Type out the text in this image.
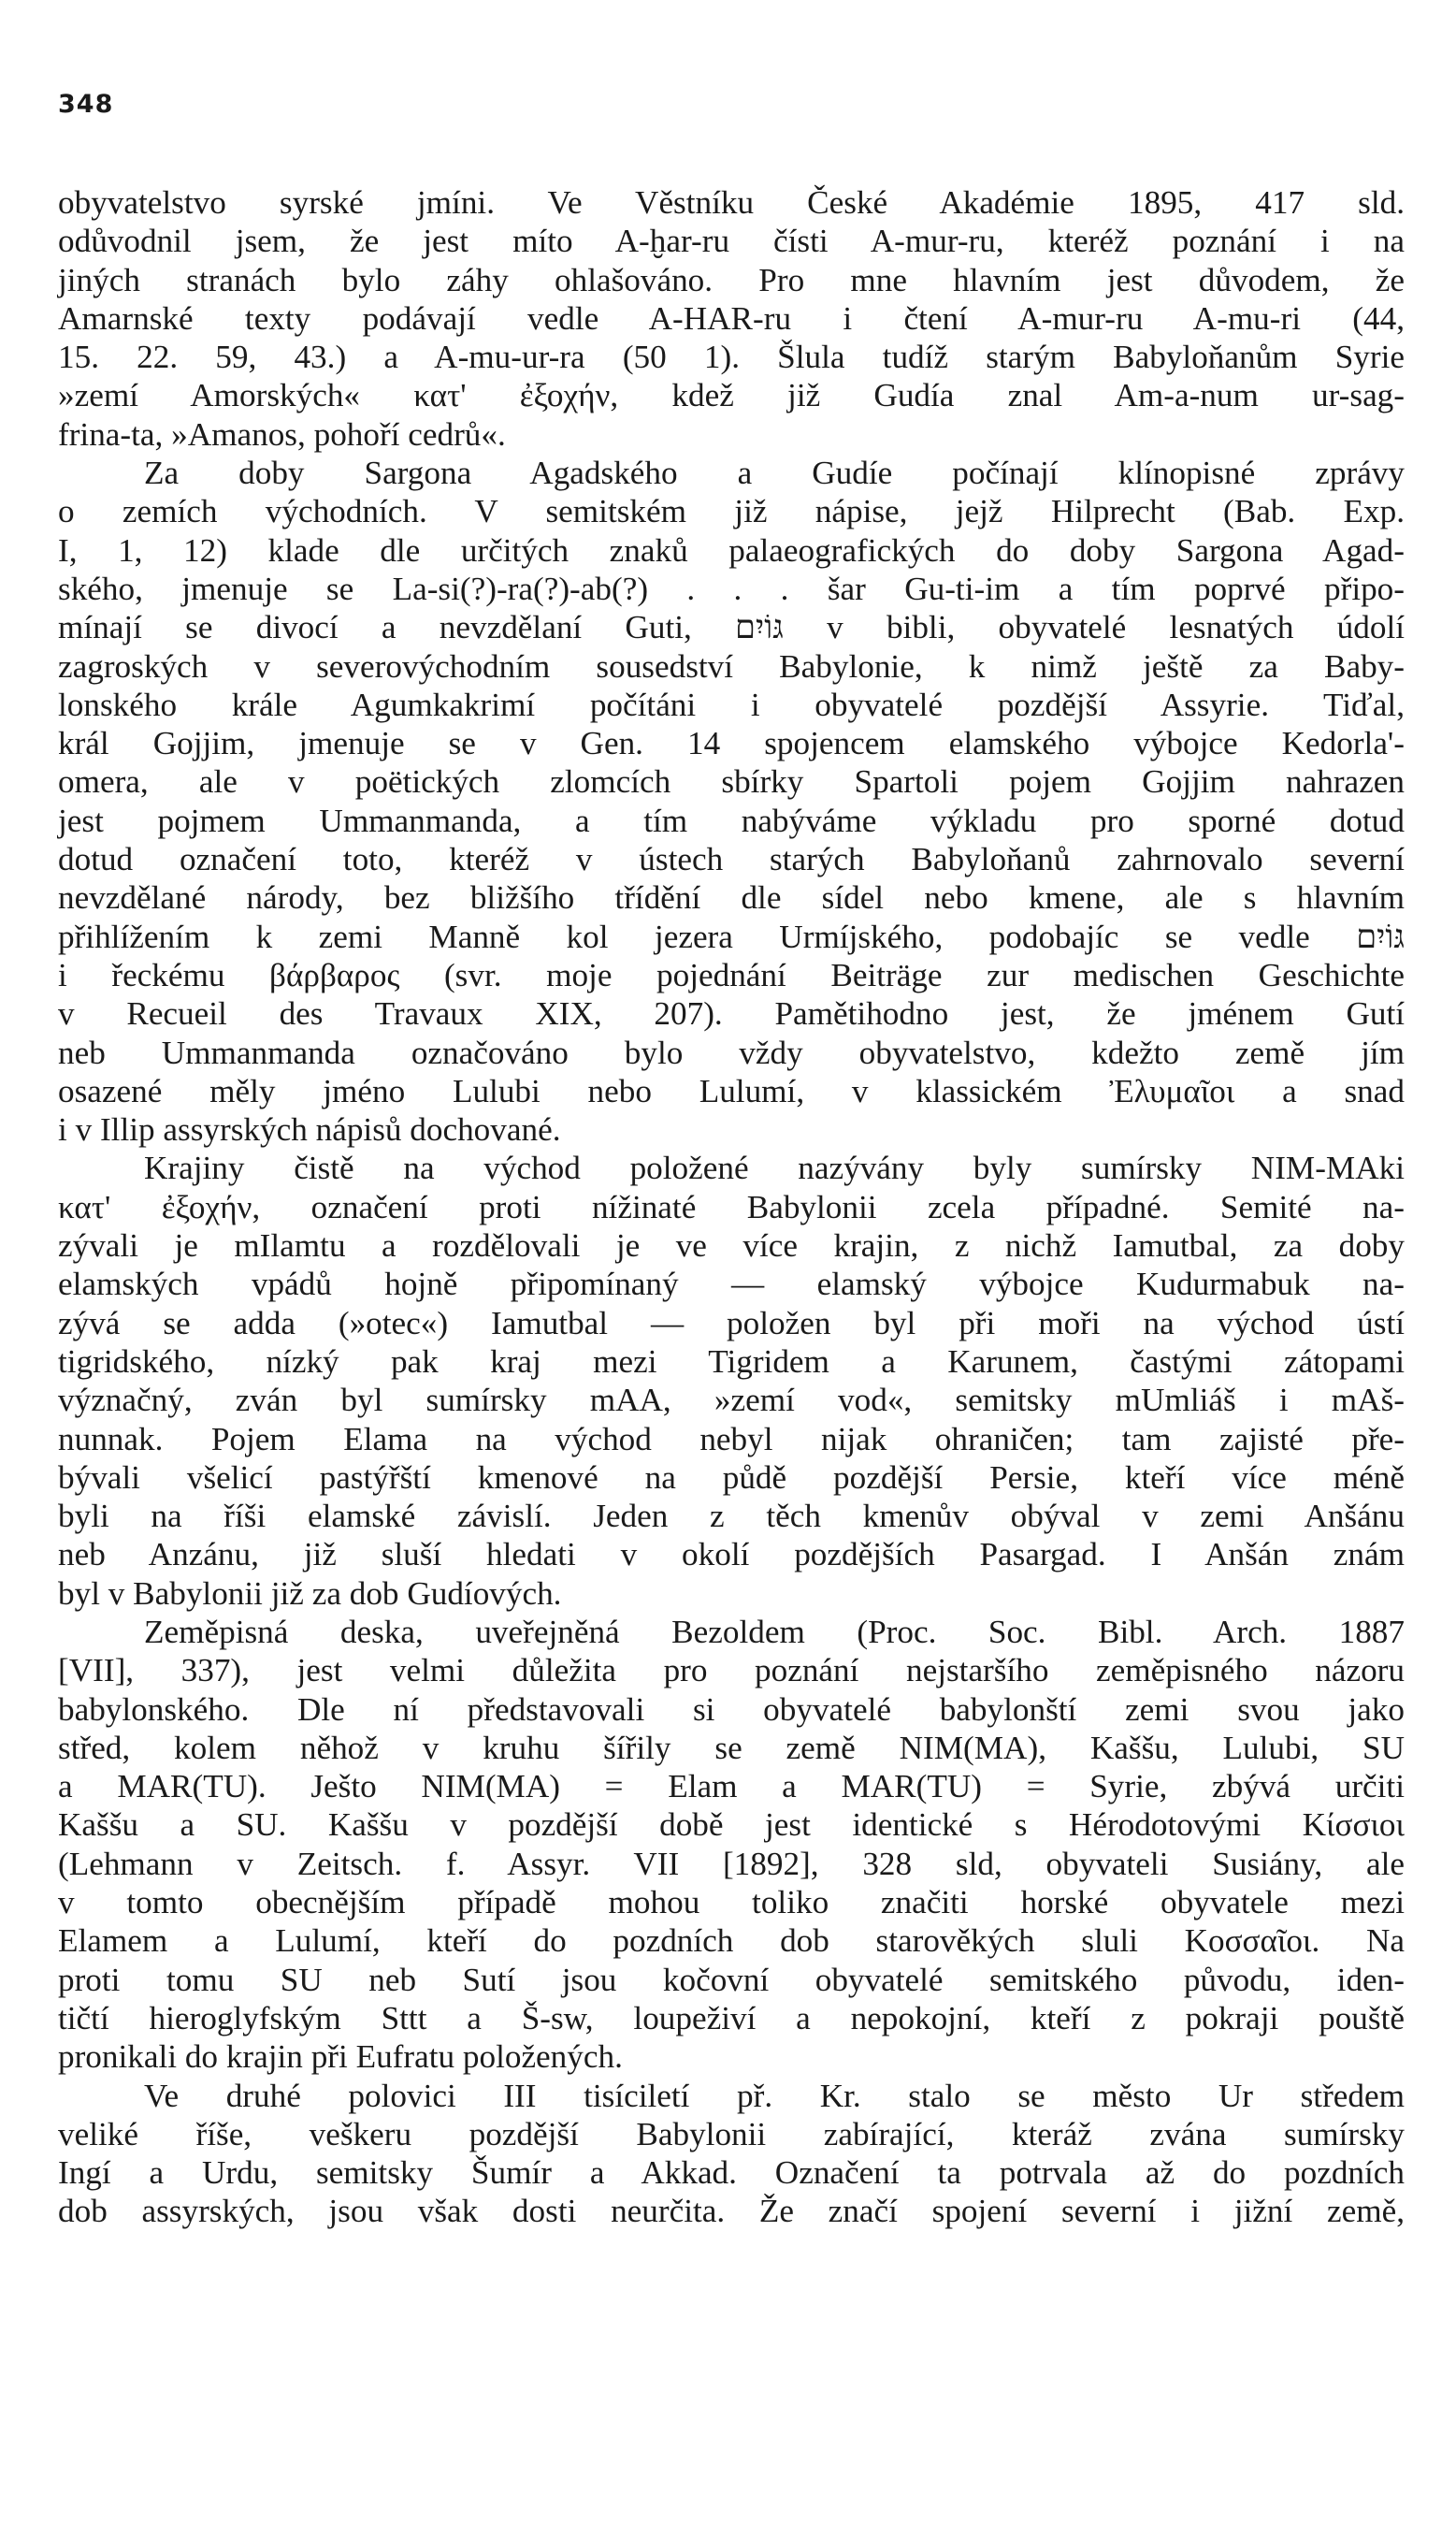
348
obyvatelstvo syrské jmíni. Ve Věstníku České Akadémie 1895, 417 sld.
odůvodnil jsem, že jest míto A-ḫar-ru čísti A-mur-ru, kteréž poznání i na
jiných stranách bylo záhy ohlašováno. Pro mne hlavním jest důvodem, že
Amarnské texty podávají vedle A-HAR-ru i čtení A-mur-ru A-mu-ri (44,
15. 22. 59, 43.) a A-mu-ur-ra (50 1). Šlula tudíž starým Babyloňanům Syrie
»zemí Amorských« κατ' ἐξοχήν, kdež již Gudía znal Am-a-num ur-sag-
frina-ta, »Amanos, pohoří cedrů«.
Za doby Sargona Agadského a Gudíe počínají klínopisné zprávy
o zemích východních. V semitském již nápise, jejž Hilprecht (Bab. Exp.
I, 1, 12) klade dle určitých znaků palaeografických do doby Sargona Agad-
ského, jmenuje se La-si(?)-ra(?)-ab(?) . . . šar Gu-ti-im a tím poprvé připo-
mínají se divocí a nevzdělaní Guti, גּוֹיִם v bibli, obyvatelé lesnatých údolí
zagroských v severovýchodním sousedství Babylonie, k nimž ještě za Baby-
lonského krále Agumkakrimí počítáni i obyvatelé pozdější Assyrie. Tiďal,
král Gojjim, jmenuje se v Gen. 14 spojencem elamského výbojce Kedorla'-
omera, ale v poëtických zlomcích sbírky Spartoli pojem Gojjim nahrazen
jest pojmem Ummanmanda, a tím nabýváme výkladu pro sporné dotud
dotud označení toto, kteréž v ústech starých Babyloňanů zahrnovalo severní
nevzdělané národy, bez bližšího třídění dle sídel nebo kmene, ale s hlavním
přihlížením k zemi Manně kol jezera Urmíjského, podobajíc se vedle גּוֹיִם
i řeckému βάρβαρος (svr. moje pojednání Beiträge zur medischen Geschichte
v Recueil des Travaux XIX, 207). Pamětihodno jest, že jménem Gutí
neb Ummanmanda označováno bylo vždy obyvatelstvo, kdežto země jím
osazené měly jméno Lulubi nebo Lulumí, v klassickém Ἐλυμαῖοι a snad
i v Illip assyrských nápisů dochované.
Krajiny čistě na východ položené nazývány byly sumírsky NIM-MAki
κατ' ἐξοχήν, označení proti nížinaté Babylonii zcela případné. Semité na-
zývali je mIlamtu a rozdělovali je ve více krajin, z nichž Iamutbal, za doby
elamských vpádů hojně připomínaný — elamský výbojce Kudurmabuk na-
zývá se adda (»otec«) Iamutbal — položen byl při moři na východ ústí
tigridského, nízký pak kraj mezi Tigridem a Karunem, častými zátopami
význačný, zván byl sumírsky mAA, »zemí vod«, semitsky mUmliáš i mAš-
nunnak. Pojem Elama na východ nebyl nijak ohraničen; tam zajisté pře-
bývali všelicí pastýřští kmenové na půdě pozdější Persie, kteří více méně
byli na říši elamské závislí. Jeden z těch kmenův obýval v zemi Anšánu
neb Anzánu, již sluší hledati v okolí pozdějších Pasargad. I Anšán znám
byl v Babylonii již za dob Gudíových.
Zeměpisná deska, uveřejněná Bezoldem (Proc. Soc. Bibl. Arch. 1887
[VII], 337), jest velmi důležita pro poznání nejstaršího zeměpisného názoru
babylonského. Dle ní představovali si obyvatelé babylonští zemi svou jako
střed, kolem něhož v kruhu šířily se země NIM(MA), Kaššu, Lulubi, SU
a MAR(TU). Ješto NIM(MA) = Elam a MAR(TU) = Syrie, zbývá určiti
Kaššu a SU. Kaššu v pozdější době jest identické s Hérodotovými Κίσσιοι
(Lehmann v Zeitsch. f. Assyr. VII [1892], 328 sld, obyvateli Susiány, ale
v tomto obecnějším případě mohou toliko značiti horské obyvatele mezi
Elamem a Lulumí, kteří do pozdních dob starověkých sluli Κοσσαῖοι. Na
proti tomu SU neb Sutí jsou kočovní obyvatelé semitského původu, iden-
tičtí hieroglyfským Sttt a Š-sw, loupeživí a nepokojní, kteří z pokraji pouště
pronikali do krajin při Eufratu položených.
Ve druhé polovici III tisíciletí př. Kr. stalo se město Ur středem
veliké říše, veškeru pozdější Babylonii zabírající, kteráž zvána sumírsky
Ingí a Urdu, semitsky Šumír a Akkad. Označení ta potrvala až do pozdních
dob assyrských, jsou však dosti neurčita. Že značí spojení severní i jižní země,
